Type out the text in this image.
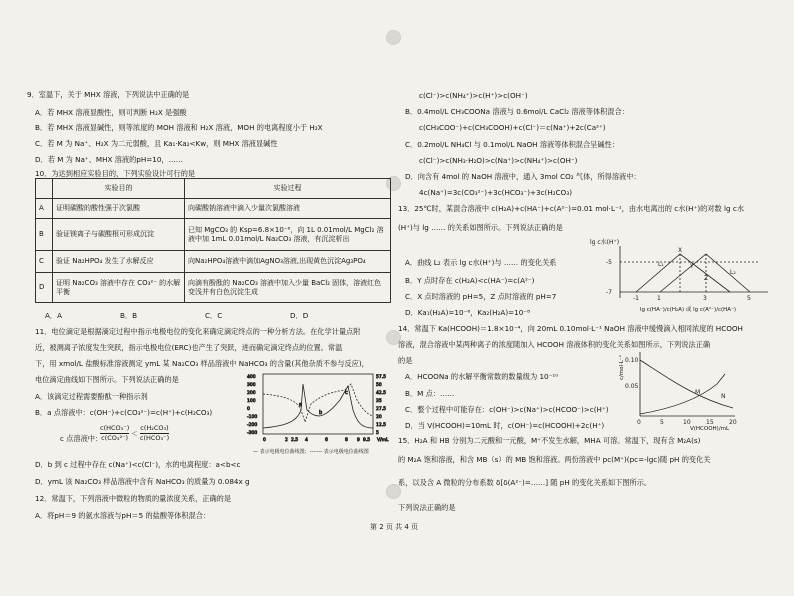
9．室温下，关于 MHX 溶液，下列说法中正确的是
A．若 MHX 溶液显酸性，则可判断 H₂X 是强酸
B．若 MHX 溶液显碱性，则等浓度的 MOH 溶液和 H₂X 溶液，MOH 的电离程度小于 H₂X
C．若 M 为 Na⁺、H₂X 为二元弱酸，且 Ka₁·Ka₂<Kw，则 MHX 溶液显碱性
D．若 M 为 Na⁺、MHX 溶液的pH=10，……
10．为达到相应实验目的，下列实验设计可行的是
	实验目的	实验过程
A	证明碳酸的酸性强于次氯酸	向碳酸钠溶液中滴入少量次氯酸溶液
B	验证镁离子与碳酸根可形成沉淀	已知 MgCO₃ 的 Ksp=6.8×10⁻⁶，向 1L 0.01mol/L MgCl₂ 溶液中加 1mL 0.01mol/L Na₂CO₃ 溶液，有沉淀析出
C	验证 Na₂HPO₄ 发生了水解反应	向Na₂HPO₄溶液中滴加AgNO₃溶液,出现黄色沉淀Ag₃PO₄
D	证明 Na₂CO₃ 溶液中存在 CO₃²⁻ 的水解平衡	向滴有酚酞的 Na₂CO₃ 溶液中加入少量 BaCl₂ 固体，溶液红色变浅并有白色沉淀生成
A．A	B．B	C．C	D．D
11．电位滴定是根据滴定过程中指示电极电位的变化来确定滴定终点的一种分析方法。在化学计量点附
近，被测离子浓度发生突跃，指示电极电位(ERC)也产生了突跃，进而确定滴定终点的位置。常温
下，用 xmol/L 盐酸标准溶液测定 ymL 某 Na₂CO₃ 样品溶液中 NaHCO₃ 的含量(其他杂质不参与反应)，
电位滴定曲线如下图所示。下列说法正确的是
A．该滴定过程需要酚酞一种指示剂
B．a 点溶液中：c(OH⁻)+c(CO₃²⁻)=c(H⁺)+c(H₂CO₃)
c 点溶液中：
D．b 到 c 过程中存在 c(Na⁺)<c(Cl⁻)，水的电离程度：a<b<c
D．ymL 该 Na₂CO₃ 样品溶液中含有 NaHCO₃ 的质量为 0.084x g
— 表示电极电位曲线图；------- 表示电极电位曲线图
0	2 2.5 4	6	8 9 9.5
400
300
200
100
0
-100
-200
-300
57.5
50
42.5
35
27.5
20
12.5
5
V/mL
a
b
c
c(HCO₃⁻)
c(CO₃²⁻)
＜
c(H₂CO₃)
c(HCO₃⁻)
12．常温下，下列溶液中微粒的物质的量浓度关系，正确的是
A．将pH＝9 的氨水溶液与pH＝5 的盐酸等体积混合：
c(Cl⁻)>c(NH₄⁺)>c(H⁺)>c(OH⁻)
B．0.4mol/L CH₃COONa 溶液与 0.6mol/L CaCl₂ 溶液等体积混合：
c(CH₃COO⁻)+c(CH₃COOH)+c(Cl⁻)＝c(Na⁺)+2c(Ca²⁺)
C．0.2mol/L NH₄Cl 与 0.1mol/L NaOH 溶液等体积混合呈碱性：
c(Cl⁻)>c(NH₃·H₂O)>c(Na⁺)>c(NH₄⁺)>c(OH⁻)
D．向含有 4mol 的 NaOH 溶液中，通入 3mol CO₂ 气体，所得溶液中：
4c(Na⁺)=3c(CO₃²⁻)+3c(HCO₃⁻)+3c(H₂CO₃)
13．25℃时，某混合溶液中 c(H₂A)+c(HA⁻)+c(A²⁻)=0.01 mol·L⁻¹，由水电离出的 c水(H⁺)的对数 lg c水
(H⁺)与 lg …… 的关系如图所示。下列说法正确的是
A．曲线 L₂ 表示 lg c水(H⁺)与 …… 的变化关系
B．Y 点时存在 c(H₂A)<c(HA⁻)=c(A²⁻)
C．X 点时溶液的 pH=5，Z 点时溶液的 pH=7
D．Ka₁(H₂A)=10⁻⁶，Ka₂(H₂A)=10⁻⁸
lg c水(H⁺)
lg c(HA⁻)/c(H₂A) 或 lg c(A²⁻)/c(HA⁻)
-1	1	3	5
-5
-7
L₁
L₂
X
Y
Z
14．常温下 Ka(HCOOH)＝1.8×10⁻⁴，向 20mL 0.10mol·L⁻¹ NaOH 溶液中缓慢滴入相同浓度的 HCOOH
溶液，混合溶液中某两种离子的浓度随加入 HCOOH 溶液体积的变化关系如图所示，下列说法正确
的是
A．HCOONa 的水解平衡常数的数量级为 10⁻¹⁰
B．M 点：……
C．整个过程中可能存在：c(OH⁻)>c(Na⁺)>c(HCOO⁻)>c(H⁺)
D．当 V(HCOOH)=10mL 时，c(OH⁻)=c(HCOOH)+2c(H⁺)	V(HCOOH)/mL
c/mol·L⁻¹
0	5	10	15	20
0.10
0.05
M
N
15．H₂A 和 HB 分别为二元酸和一元酸，M⁺不发生水解，MHA 可溶。常温下，现有含 M₂A(s)
的 M₂A 饱和溶液，和含 MB（s）的 MB 饱和溶液。两份溶液中 pc(M⁺)(pc=-lgc)随 pH 的变化关
系，以及含 A 微粒的分布系数 δ[δ(A²⁻)=……] 随 pH 的变化关系如下图所示。
下列说法正确的是
第 2 页 共 4 页
